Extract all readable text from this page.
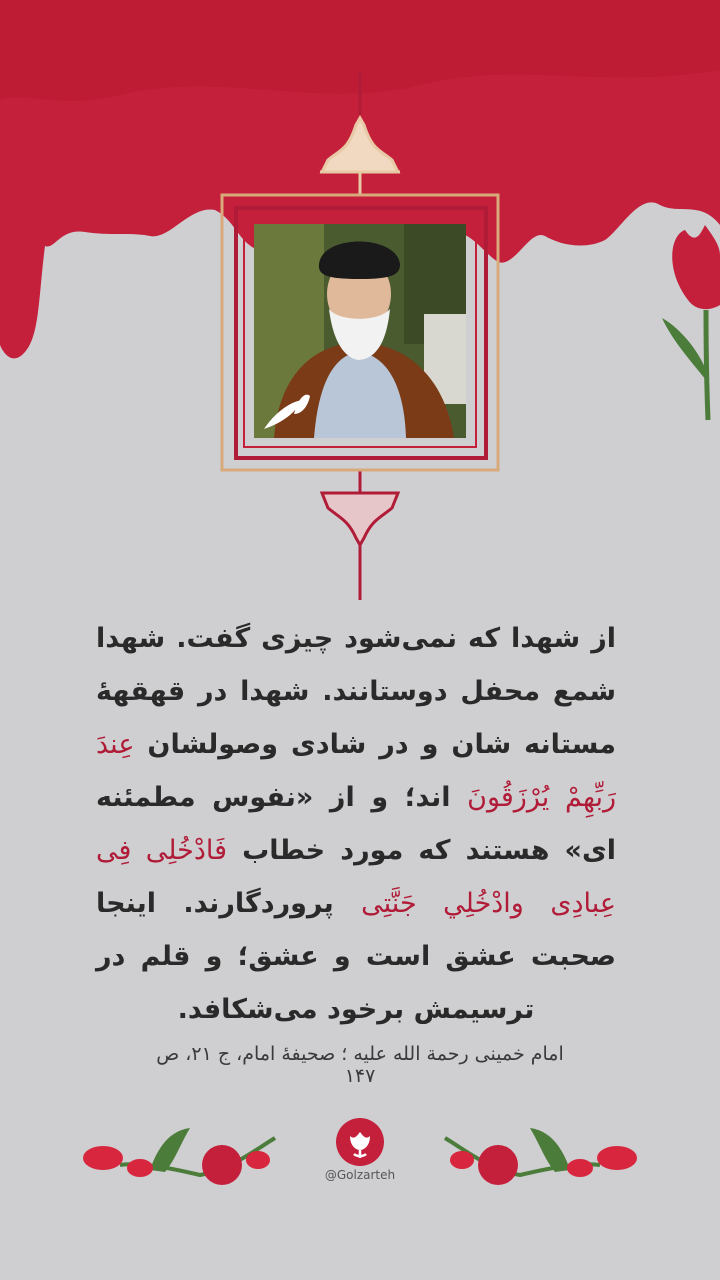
از شهدا که نمی‌شود چیزی گفت. شهدا شمع محفل دوستانند. شهدا در قهقههٔ مستانه شان و در شادی وصولشان عِندَ رَبِّهِمْ یُرْزَقُونَ اند؛ و از «نفوس مطمئنه ای» هستند که مورد خطاب فَادْخُلِی فِی عِبادِی وادْخُلِي جَنَّتِی پروردگارند. اینجا صحبت عشق است و عشق؛ و قلم در ترسیمش برخود می‌شکافد.
امام خمینی رحمة الله علیه ؛ صحیفهٔ امام، ج ۲۱، ص ۱۴۷
@Golzarteh
